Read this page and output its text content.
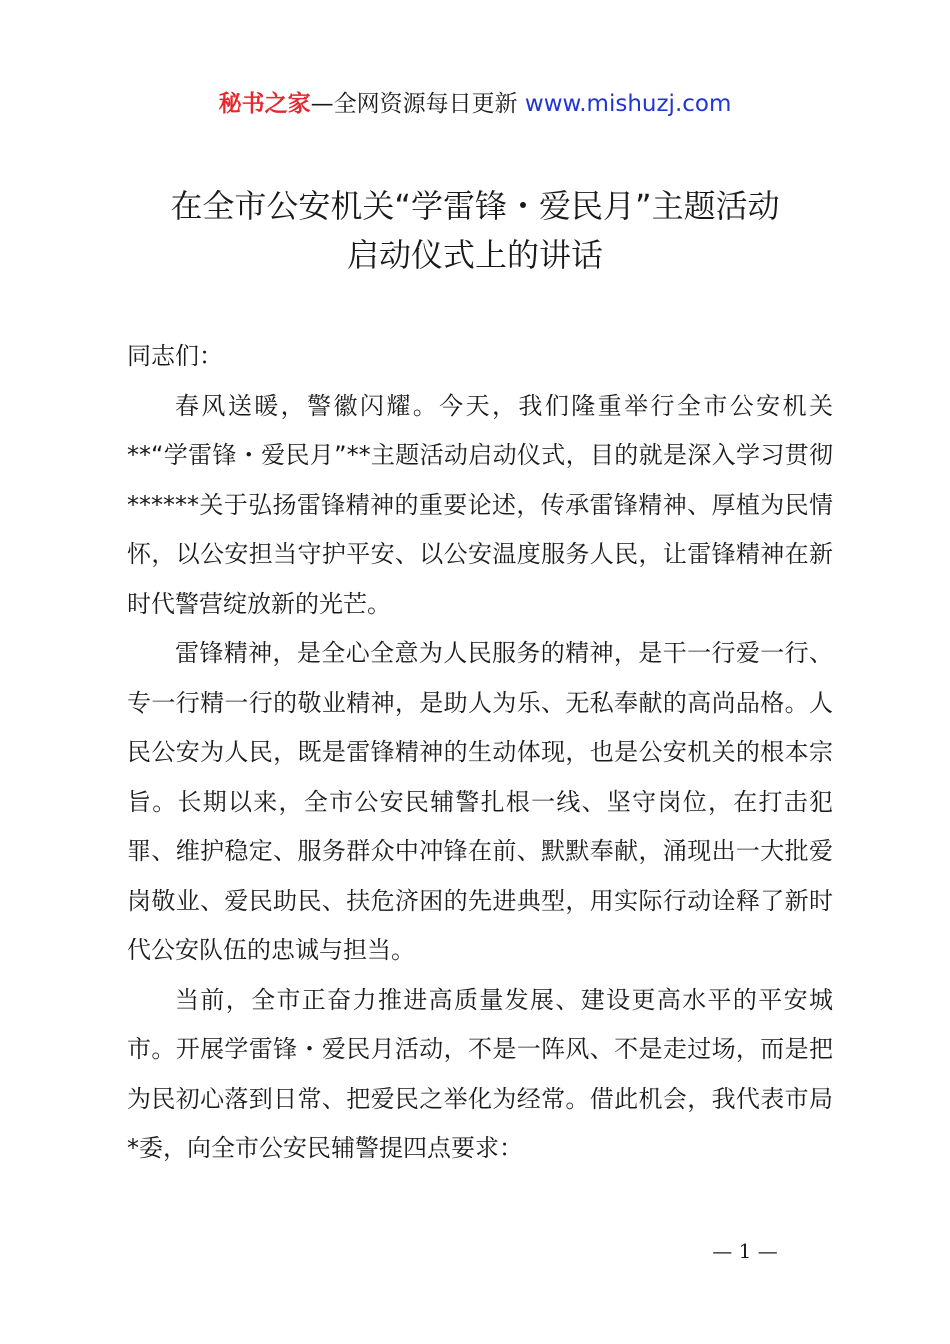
秘书之家—全网资源每日更新 www.mishuzj.com
在全市公安机关“学雷锋・爱民月”主题活动
启动仪式上的讲话

同志们：

春风送暖，警徽闪耀。今天，我们隆重举行全市公安机关**“学雷锋・爱民月”**主题活动启动仪式，目的就是深入学习贯彻******关于弘扬雷锋精神的重要论述，传承雷锋精神、厚植为民情怀，以公安担当守护平安、以公安温度服务人民，让雷锋精神在新时代警营绽放新的光芒。

雷锋精神，是全心全意为人民服务的精神，是干一行爱一行、专一行精一行的敬业精神，是助人为乐、无私奉献的高尚品格。人民公安为人民，既是雷锋精神的生动体现，也是公安机关的根本宗旨。长期以来，全市公安民辅警扎根一线、坚守岗位，在打击犯罪、维护稳定、服务群众中冲锋在前、默默奉献，涌现出一大批爱岗敬业、爱民助民、扶危济困的先进典型，用实际行动诠释了新时代公安队伍的忠诚与担当。

当前，全市正奋力推进高质量发展、建设更高水平的平安城市。开展学雷锋・爱民月活动，不是一阵风、不是走过场，而是把为民初心落到日常、把爱民之举化为经常。借此机会，我代表市局*委，向全市公安民辅警提四点要求：

— 1 —
